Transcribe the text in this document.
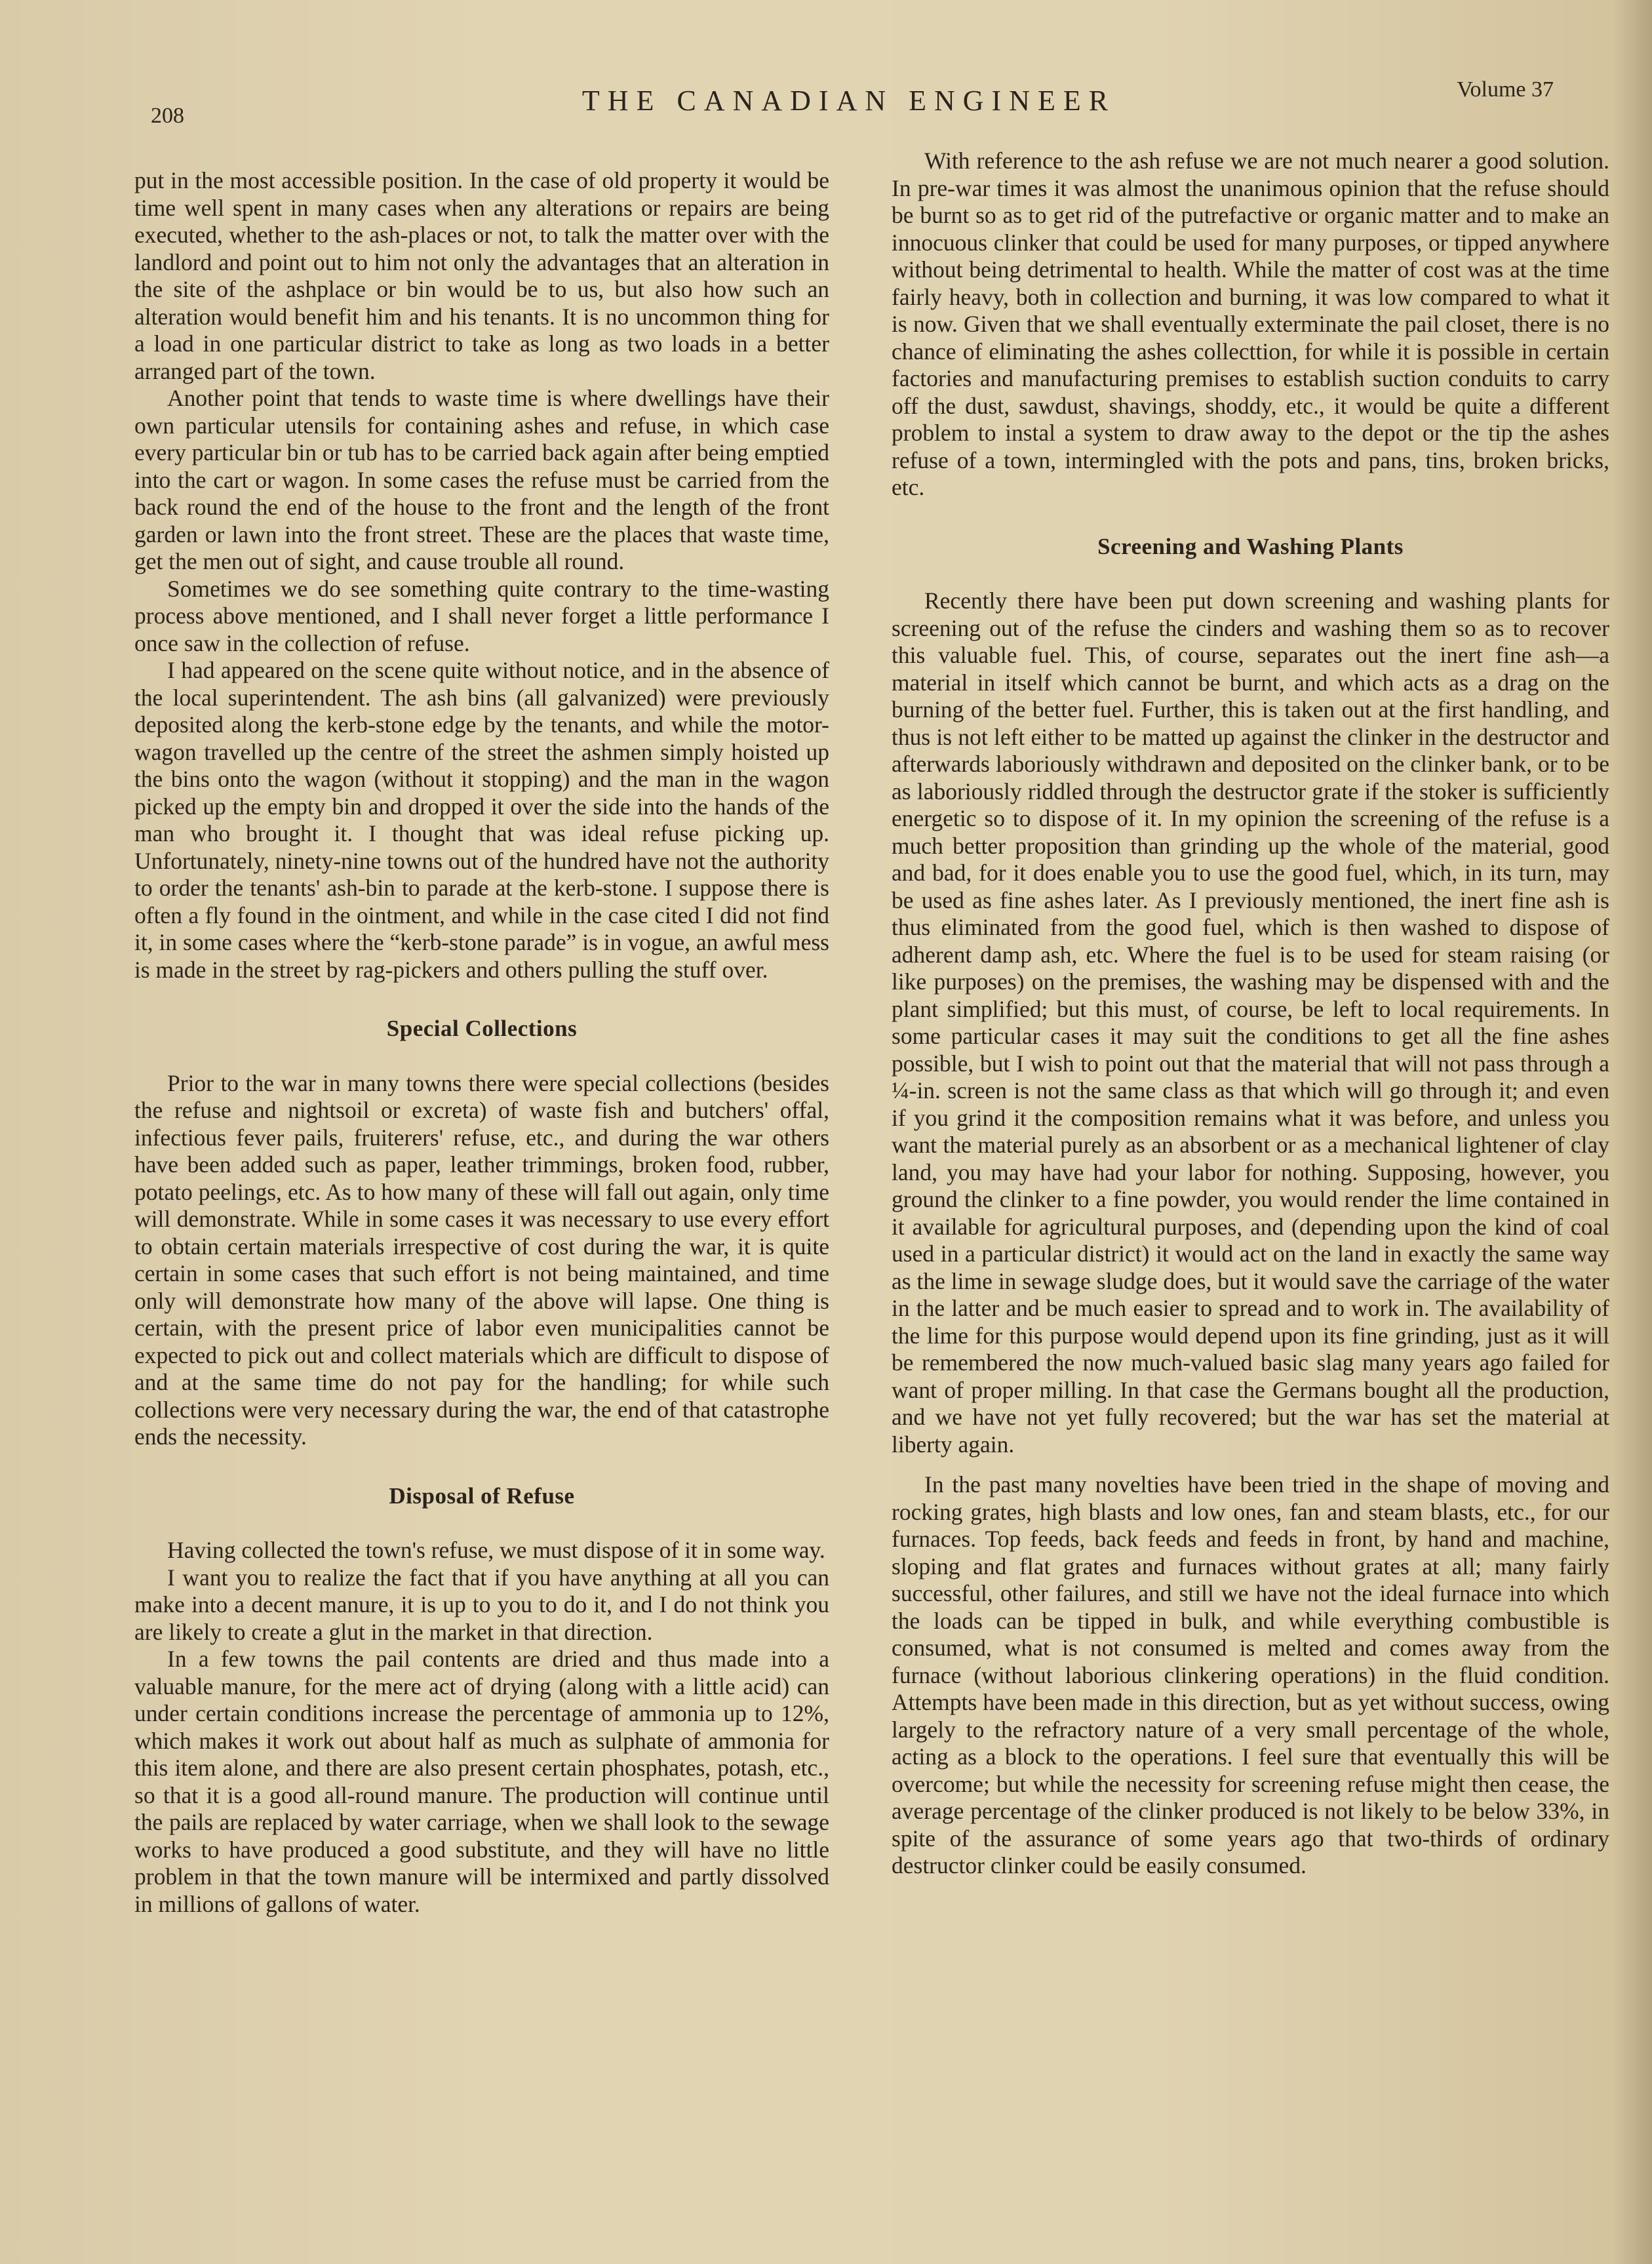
208	THE CANADIAN ENGINEER	Volume 37

put in the most accessible position. In the case of old property it would be time well spent in many cases when any alterations or repairs are being executed, whether to the ash-places or not, to talk the matter over with the landlord and point out to him not only the advantages that an alteration in the site of the ashplace or bin would be to us, but also how such an alteration would benefit him and his tenants. It is no uncommon thing for a load in one particular district to take as long as two loads in a better arranged part of the town.

Another point that tends to waste time is where dwellings have their own particular utensils for containing ashes and refuse, in which case every particular bin or tub has to be carried back again after being emptied into the cart or wagon. In some cases the refuse must be carried from the back round the end of the house to the front and the length of the front garden or lawn into the front street. These are the places that waste time, get the men out of sight, and cause trouble all round.

Sometimes we do see something quite contrary to the time-wasting process above mentioned, and I shall never forget a little performance I once saw in the collection of refuse.

I had appeared on the scene quite without notice, and in the absence of the local superintendent. The ash bins (all galvanized) were previously deposited along the kerb-stone edge by the tenants, and while the motor-wagon travelled up the centre of the street the ashmen simply hoisted up the bins onto the wagon (without it stopping) and the man in the wagon picked up the empty bin and dropped it over the side into the hands of the man who brought it. I thought that was ideal refuse picking up. Unfortunately, ninety-nine towns out of the hundred have not the authority to order the tenants' ash-bin to parade at the kerb-stone. I suppose there is often a fly found in the ointment, and while in the case cited I did not find it, in some cases where the “kerb-stone parade” is in vogue, an awful mess is made in the street by rag-pickers and others pulling the stuff over.

Special Collections

Prior to the war in many towns there were special collections (besides the refuse and nightsoil or excreta) of waste fish and butchers' offal, infectious fever pails, fruiterers' refuse, etc., and during the war others have been added such as paper, leather trimmings, broken food, rubber, potato peelings, etc. As to how many of these will fall out again, only time will demonstrate. While in some cases it was necessary to use every effort to obtain certain materials irrespective of cost during the war, it is quite certain in some cases that such effort is not being maintained, and time only will demonstrate how many of the above will lapse. One thing is certain, with the present price of labor even municipalities cannot be expected to pick out and collect materials which are difficult to dispose of and at the same time do not pay for the handling; for while such collections were very necessary during the war, the end of that catastrophe ends the necessity.

Disposal of Refuse

Having collected the town's refuse, we must dispose of it in some way.

I want you to realize the fact that if you have anything at all you can make into a decent manure, it is up to you to do it, and I do not think you are likely to create a glut in the market in that direction.

In a few towns the pail contents are dried and thus made into a valuable manure, for the mere act of drying (along with a little acid) can under certain conditions increase the percentage of ammonia up to 12%, which makes it work out about half as much as sulphate of ammonia for this item alone, and there are also present certain phosphates, potash, etc., so that it is a good all-round manure. The production will continue until the pails are replaced by water carriage, when we shall look to the sewage works to have produced a good substitute, and they will have no little problem in that the town manure will be intermixed and partly dissolved in millions of gallons of water.

With reference to the ash refuse we are not much nearer a good solution. In pre-war times it was almost the unanimous opinion that the refuse should be burnt so as to get rid of the putrefactive or organic matter and to make an innocuous clinker that could be used for many purposes, or tipped anywhere without being detrimental to health. While the matter of cost was at the time fairly heavy, both in collection and burning, it was low compared to what it is now. Given that we shall eventually exterminate the pail closet, there is no chance of eliminating the ashes collecttion, for while it is possible in certain factories and manufacturing premises to establish suction conduits to carry off the dust, sawdust, shavings, shoddy, etc., it would be quite a different problem to instal a system to draw away to the depot or the tip the ashes refuse of a town, intermingled with the pots and pans, tins, broken bricks, etc.

Screening and Washing Plants

Recently there have been put down screening and washing plants for screening out of the refuse the cinders and washing them so as to recover this valuable fuel. This, of course, separates out the inert fine ash—a material in itself which cannot be burnt, and which acts as a drag on the burning of the better fuel. Further, this is taken out at the first handling, and thus is not left either to be matted up against the clinker in the destructor and afterwards laboriously withdrawn and deposited on the clinker bank, or to be as laboriously riddled through the destructor grate if the stoker is sufficiently energetic so to dispose of it. In my opinion the screening of the refuse is a much better proposition than grinding up the whole of the material, good and bad, for it does enable you to use the good fuel, which, in its turn, may be used as fine ashes later. As I previously mentioned, the inert fine ash is thus eliminated from the good fuel, which is then washed to dispose of adherent damp ash, etc. Where the fuel is to be used for steam raising (or like purposes) on the premises, the washing may be dispensed with and the plant simplified; but this must, of course, be left to local requirements. In some particular cases it may suit the conditions to get all the fine ashes possible, but I wish to point out that the material that will not pass through a ¼-in. screen is not the same class as that which will go through it; and even if you grind it the composition remains what it was before, and unless you want the material purely as an absorbent or as a mechanical lightener of clay land, you may have had your labor for nothing. Supposing, however, you ground the clinker to a fine powder, you would render the lime contained in it available for agricultural purposes, and (depending upon the kind of coal used in a particular district) it would act on the land in exactly the same way as the lime in sewage sludge does, but it would save the carriage of the water in the latter and be much easier to spread and to work in. The availability of the lime for this purpose would depend upon its fine grinding, just as it will be remembered the now much-valued basic slag many years ago failed for want of proper milling. In that case the Germans bought all the production, and we have not yet fully recovered; but the war has set the material at liberty again.

In the past many novelties have been tried in the shape of moving and rocking grates, high blasts and low ones, fan and steam blasts, etc., for our furnaces. Top feeds, back feeds and feeds in front, by hand and machine, sloping and flat grates and furnaces without grates at all; many fairly successful, other failures, and still we have not the ideal furnace into which the loads can be tipped in bulk, and while everything combustible is consumed, what is not consumed is melted and comes away from the furnace (without laborious clinkering operations) in the fluid condition. Attempts have been made in this direction, but as yet without success, owing largely to the refractory nature of a very small percentage of the whole, acting as a block to the operations. I feel sure that eventually this will be overcome; but while the necessity for screening refuse might then cease, the average percentage of the clinker produced is not likely to be below 33%, in spite of the assurance of some years ago that two-thirds of ordinary destructor clinker could be easily consumed.
